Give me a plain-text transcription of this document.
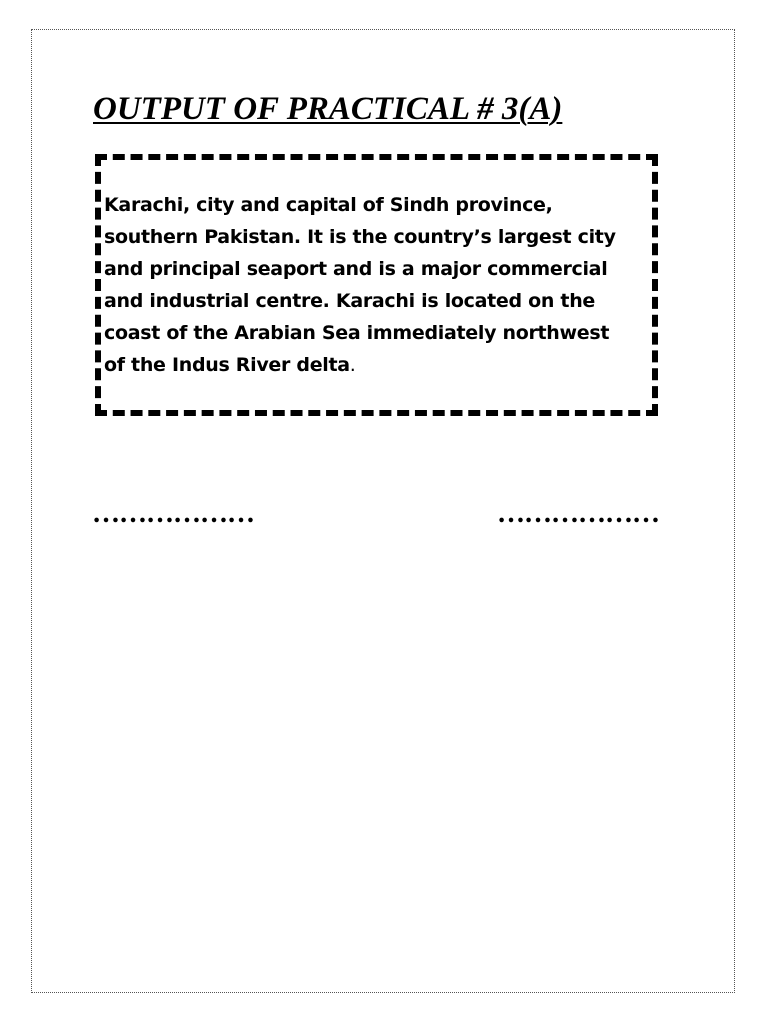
OUTPUT OF PRACTICAL # 3(A)

Karachi, city and capital of Sindh province,
southern Pakistan. It is the country’s largest city
and principal seaport and is a major commercial
and industrial centre. Karachi is located on the
coast of the Arabian Sea immediately northwest
of the Indus River delta.

………………	………………
